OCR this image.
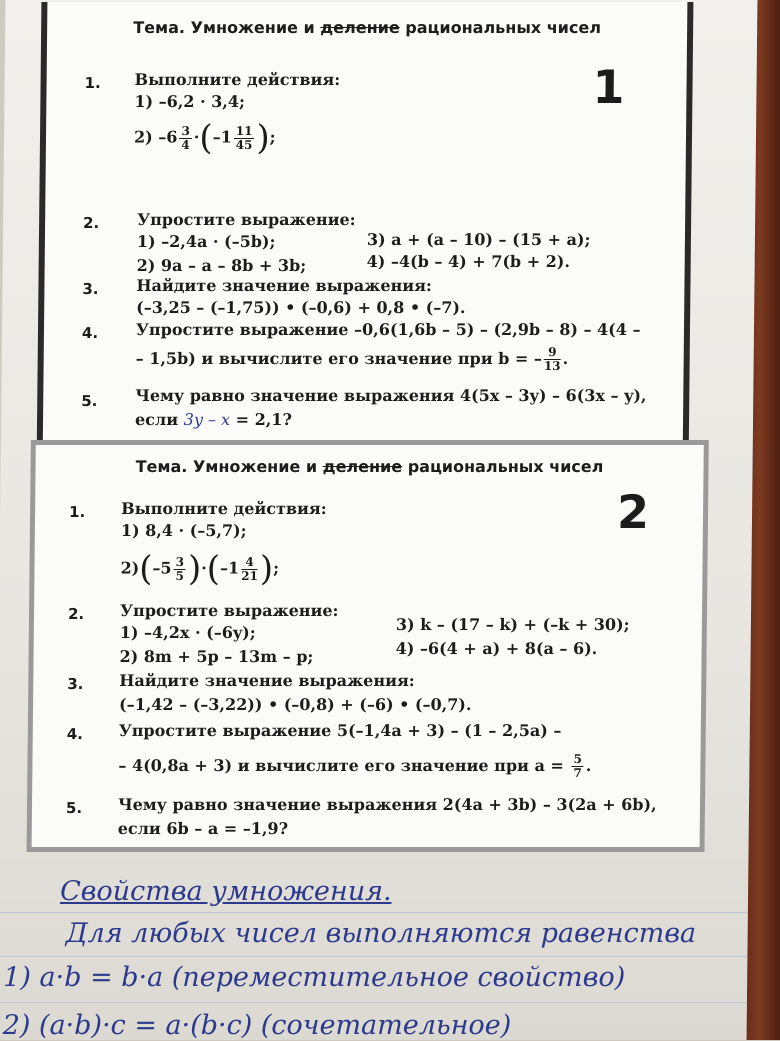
Тема. Умножение и деление рациональных чисел
1
1. Выполните действия:
1) –6,2 · 3,4;
2) $-6 \frac{3}{4} \cdot(-1 \frac{11}{45}$ );
2. Упростите выражение:
1) –2,4a · (–5b);	3) a + (a – 10) – (15 + a);
2) 9a – a – 8b + 3b;	4) –4(b – 4) + 7(b + 2).
3. Найдите значение выражения:
(–3,25 – (–1,75)) • (–0,6) + 0,8 • (–7).
4. Упростите выражение –0,6(1,6b – 5) – (2,9b – 8) – 4(4 –
– 1,5b) и вычислите его значение при b = – $\frac{9}{13}$ .
5. Чему равно значение выражения 4(5x – 3y) – 6(3x – y),
если 3y – x = 2,1?
Тема. Умножение и деление рациональных чисел
2
1. Выполните действия:
1) 8,4 · (–5,7);
$2)(-5 \frac{3}{5} )\cdot(-1 \frac{4}{21}$ );
2. Упростите выражение:
1) –4,2x · (–6y);	3) k – (17 – k) + (–k + 30);
2) 8m + 5p – 13m – p;	4) –6(4 + a) + 8(a – 6).
3. Найдите значение выражения:
(–1,42 – (–3,22)) • (–0,8) + (–6) • (–0,7).
4. Упростите выражение 5(–1,4a + 3) – (1 – 2,5a) –
– 4(0,8a + 3) и вычислите его значение при $a = \frac{5}{7}$ .
5. Чему равно значение выражения 2(4a + 3b) – 3(2a + 6b),
если 6b – a = –1,9?
Свойства умножения.
Для любых чисел выполняются равенства
1) a·b = b·a (переместительное свойство)
2) (a·b)·c = a·(b·c) (сочетательное)
